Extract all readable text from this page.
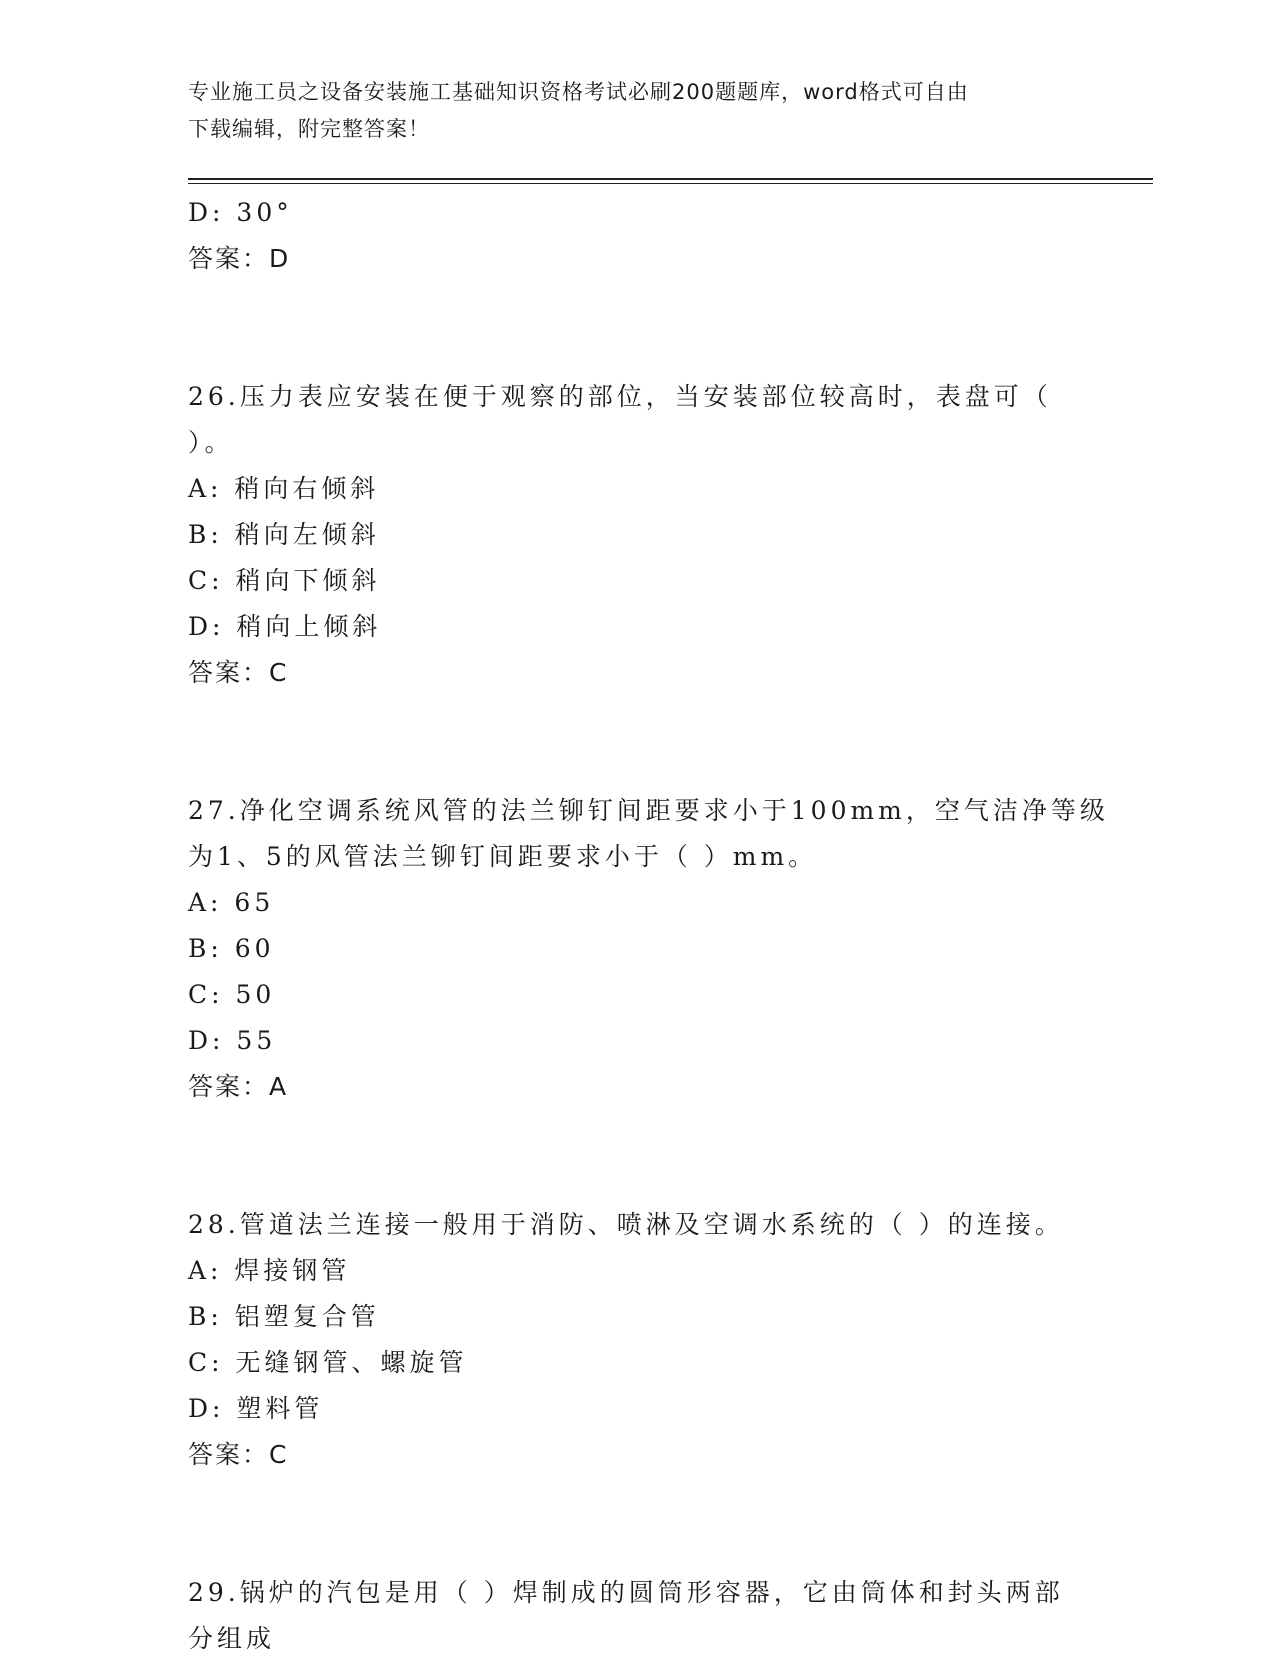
专业施工员之设备安装施工基础知识资格考试必刷200题题库，word格式可自由
下载编辑，附完整答案！
D: 30°
答案：D
26.压力表应安装在便于观察的部位，当安装部位较高时，表盘可（
）。
A: 稍向右倾斜
B: 稍向左倾斜
C: 稍向下倾斜
D: 稍向上倾斜
答案：C
27.净化空调系统风管的法兰铆钉间距要求小于100mm，空气洁净等级
为1、5的风管法兰铆钉间距要求小于（ ）mm。
A: 65
B: 60
C: 50
D: 55
答案：A
28.管道法兰连接一般用于消防、喷淋及空调水系统的（ ）的连接。
A: 焊接钢管
B: 铝塑复合管
C: 无缝钢管、螺旋管
D: 塑料管
答案：C
29.锅炉的汽包是用（ ）焊制成的圆筒形容器，它由筒体和封头两部
分组成
